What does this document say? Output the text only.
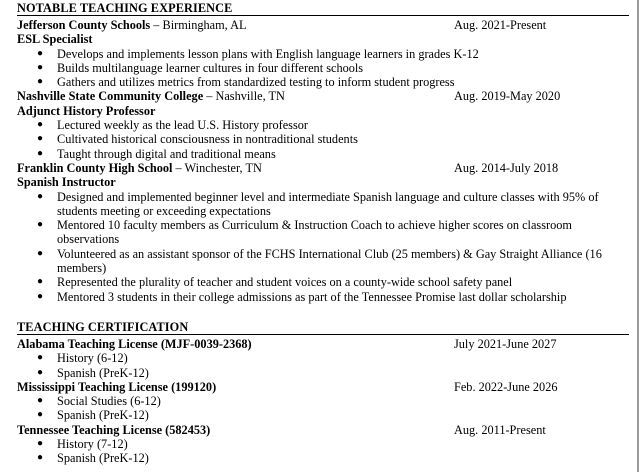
NOTABLE TEACHING EXPERIENCE
Jefferson County Schools – Birmingham, AL	Aug. 2021-Present
ESL Specialist
● Develops and implements lesson plans with English language learners in grades K-12
● Builds multilanguage learner cultures in four different schools
● Gathers and utilizes metrics from standardized testing to inform student progress
Nashville State Community College – Nashville, TN	Aug. 2019-May 2020
Adjunct History Professor
● Lectured weekly as the lead U.S. History professor
● Cultivated historical consciousness in nontraditional students
● Taught through digital and traditional means
Franklin County High School – Winchester, TN	Aug. 2014-July 2018
Spanish Instructor
● Designed and implemented beginner level and intermediate Spanish language and culture classes with 95% of students meeting or exceeding expectations
● Mentored 10 faculty members as Curriculum & Instruction Coach to achieve higher scores on classroom observations
● Volunteered as an assistant sponsor of the FCHS International Club (25 members) & Gay Straight Alliance (16 members)
● Represented the plurality of teacher and student voices on a county-wide school safety panel
● Mentored 3 students in their college admissions as part of the Tennessee Promise last dollar scholarship
TEACHING CERTIFICATION
Alabama Teaching License (MJF-0039-2368)	July 2021-June 2027
● History (6-12)
● Spanish (PreK-12)
Mississippi Teaching License (199120)	Feb. 2022-June 2026
● Social Studies (6-12)
● Spanish (PreK-12)
Tennessee Teaching License (582453)	Aug. 2011-Present
● History (7-12)
● Spanish (PreK-12)
